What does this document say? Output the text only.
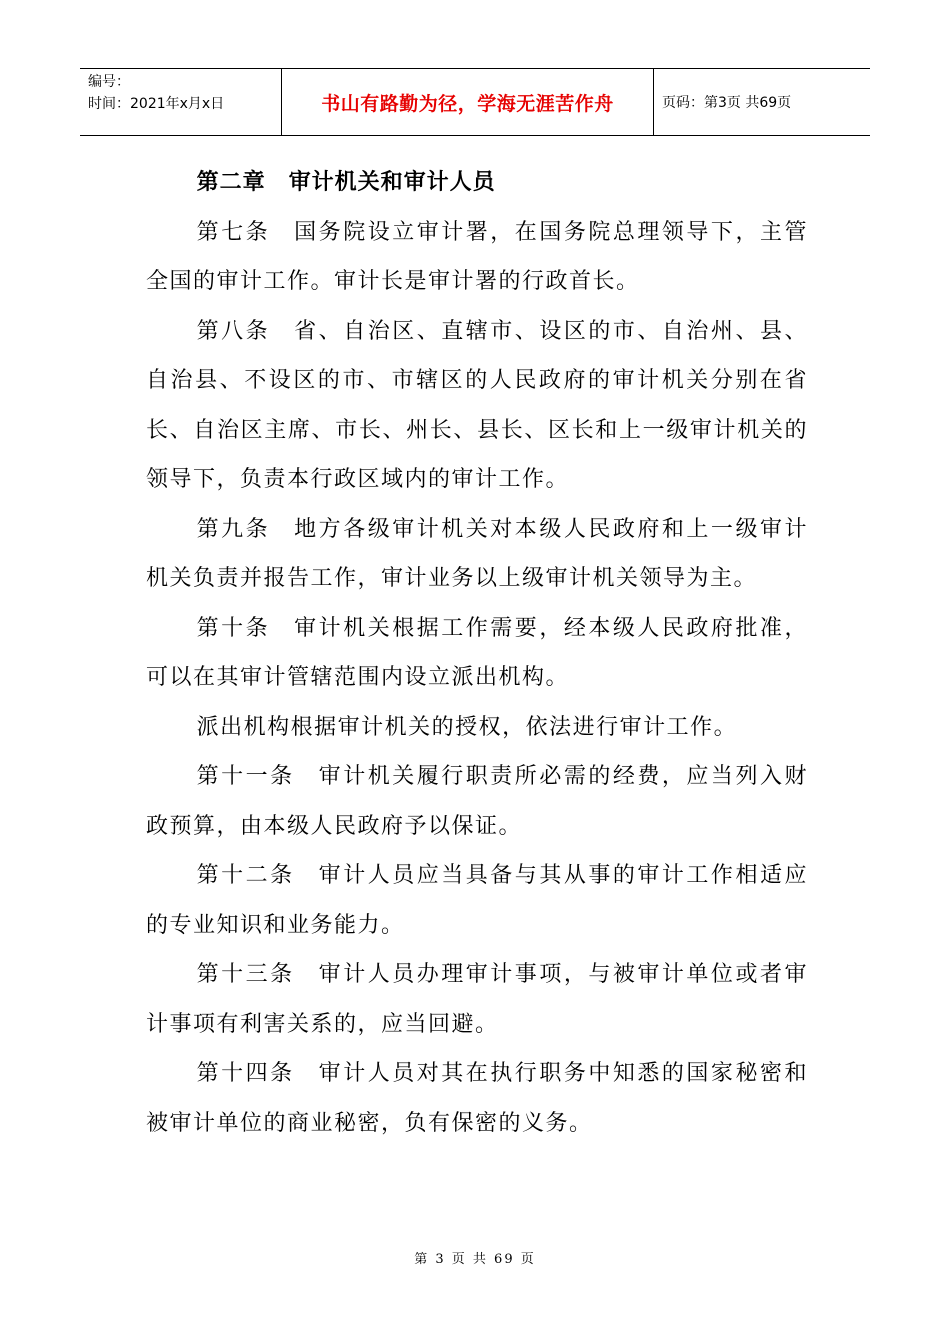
编号：
时间：2021年x月x日	书山有路勤为径，学海无涯苦作舟	页码：第3页 共69页

第二章　审计机关和审计人员

第七条 国务院设立审计署，在国务院总理领导下，主管全国的审计工作。审计长是审计署的行政首长。

第八条 省、自治区、直辖市、设区的市、自治州、县、自治县、不设区的市、市辖区的人民政府的审计机关分别在省长、自治区主席、市长、州长、县长、区长和上一级审计机关的领导下，负责本行政区域内的审计工作。

第九条 地方各级审计机关对本级人民政府和上一级审计机关负责并报告工作，审计业务以上级审计机关领导为主。

第十条 审计机关根据工作需要，经本级人民政府批准，可以在其审计管辖范围内设立派出机构。

派出机构根据审计机关的授权，依法进行审计工作。

第十一条 审计机关履行职责所必需的经费，应当列入财政预算，由本级人民政府予以保证。

第十二条 审计人员应当具备与其从事的审计工作相适应的专业知识和业务能力。

第十三条 审计人员办理审计事项，与被审计单位或者审计事项有利害关系的，应当回避。

第十四条 审计人员对其在执行职务中知悉的国家秘密和被审计单位的商业秘密，负有保密的义务。

第 3 页 共 69 页
